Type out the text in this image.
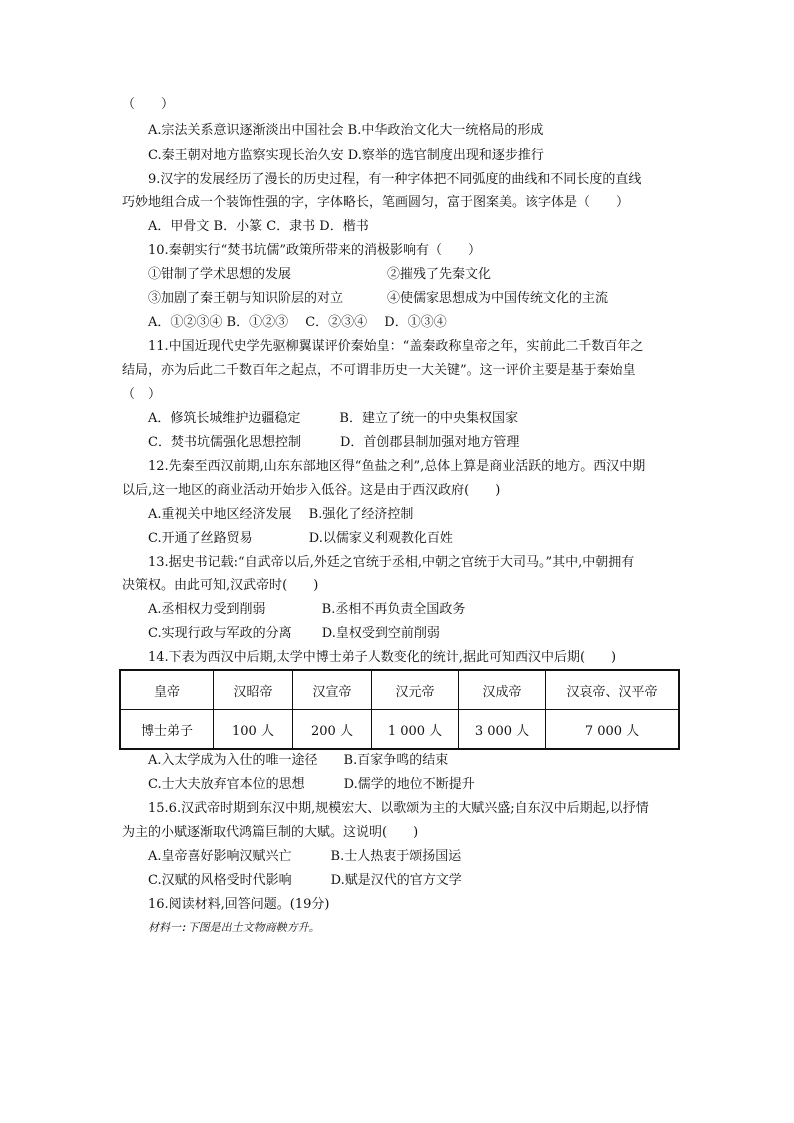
（　　）
A.宗法关系意识逐渐淡出中国社会 B.中华政治文化大一统格局的形成
C.秦王朝对地方监察实现长治久安 D.察举的选官制度出现和逐步推行
9.汉字的发展经历了漫长的历史过程，有一种字体把不同弧度的曲线和不同长度的直线
巧妙地组合成一个装饰性强的字，字体略长，笔画圆匀，富于图案美。该字体是（　　）
A．甲骨文 B．小篆 C．隶书 D．楷书
10.秦朝实行“焚书坑儒”政策所带来的消极影响有（　　）
①钳制了学术思想的发展	②摧残了先秦文化
③加剧了秦王朝与知识阶层的对立	④使儒家思想成为中国传统文化的主流
A．①②③④ B．①②③　 C．②③④　 D．①③④
11.中国近现代史学先驱柳翼谋评价秦始皇：“盖秦政称皇帝之年，实前此二千数百年之
结局，亦为后此二千数百年之起点，不可谓非历史一大关键”。这一评价主要是基于秦始皇
（　）
A．修筑长城维护边疆稳定　　　B．建立了统一的中央集权国家
C．焚书坑儒强化思想控制　　　D．首创郡县制加强对地方管理
12.先秦至西汉前期,山东东部地区得“鱼盐之利”,总体上算是商业活跃的地方。西汉中期
以后,这一地区的商业活动开始步入低谷。这是由于西汉政府(　　)
A.重视关中地区经济发展　 B.强化了经济控制
C.开通了丝路贸易　　　　 D.以儒家义利观教化百姓
13.据史书记载:“自武帝以后,外廷之官统于丞相,中朝之官统于大司马。”其中,中朝拥有
决策权。由此可知,汉武帝时(　　)
A.丞相权力受到削弱　　　　 B.丞相不再负责全国政务
C.实现行政与军政的分离　　 D.皇权受到空前削弱
14.下表为西汉中后期,太学中博士弟子人数变化的统计,据此可知西汉中后期(　　)
皇帝	汉昭帝	汉宣帝	汉元帝	汉成帝	汉哀帝、汉平帝
博士弟子	100 人	200 人	1 000 人	3 000 人	7 000 人
A.入太学成为入仕的唯一途径　　B.百家争鸣的结束
C.士大夫放弃官本位的思想　　　D.儒学的地位不断提升
15.6.汉武帝时期到东汉中期,规模宏大、以歌颂为主的大赋兴盛;自东汉中后期起,以抒情
为主的小赋逐渐取代鸿篇巨制的大赋。这说明(　　)
A.皇帝喜好影响汉赋兴亡　　　B.士人热衷于颂扬国运
C.汉赋的风格受时代影响　　　D.赋是汉代的官方文学
16.阅读材料,回答问题。(19分)
材料一:下图是出土文物商鞅方升。
